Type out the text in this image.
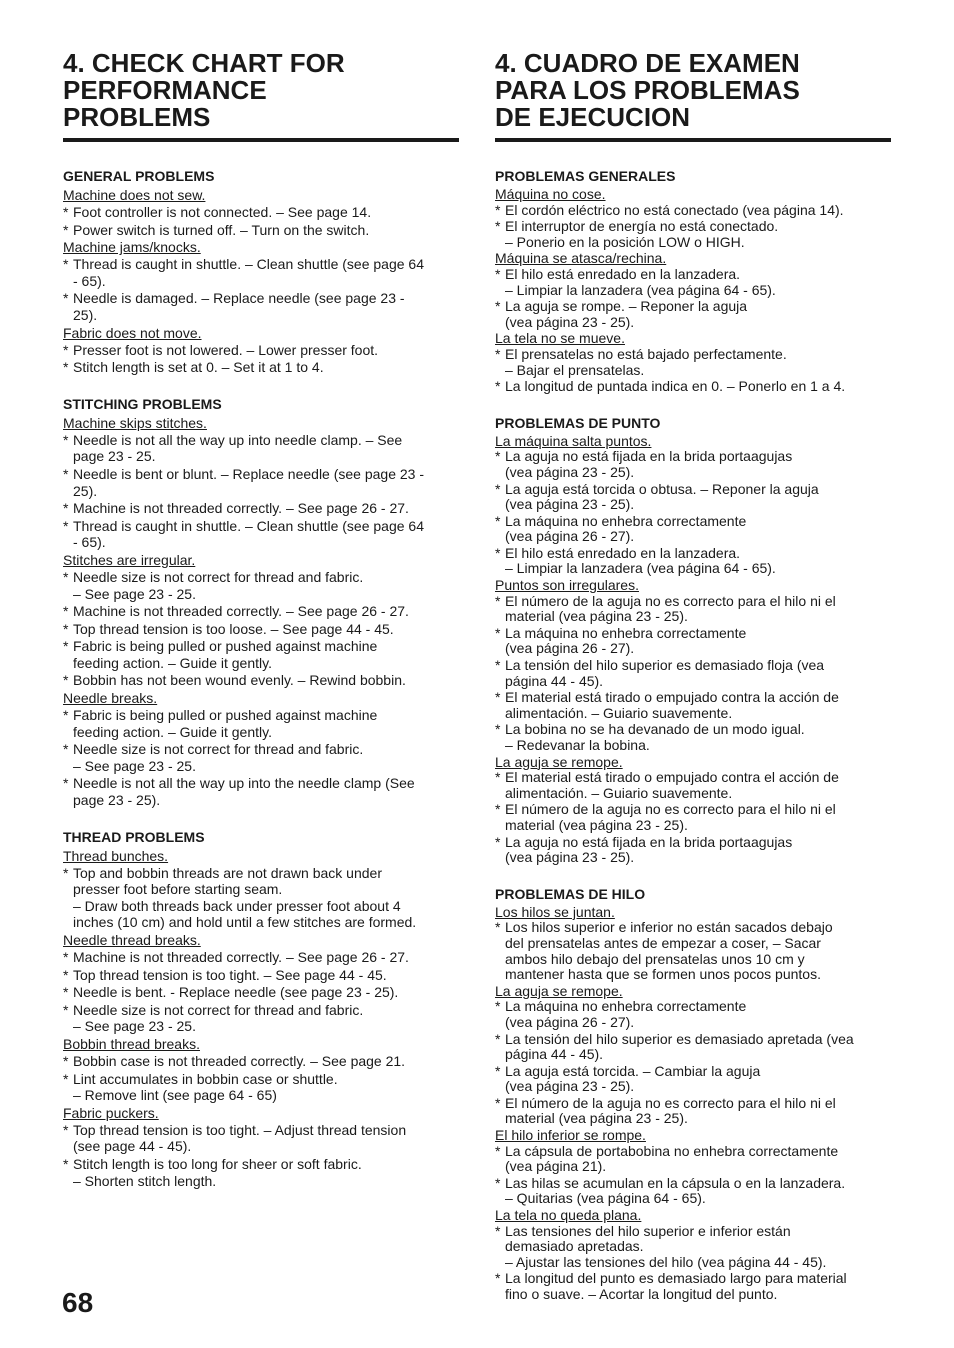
4. CHECK CHART FOR
PERFORMANCE
PROBLEMS
GENERAL PROBLEMS
Machine does not sew.
* Foot controller is not connected. – See page 14.
* Power switch is turned off. – Turn on the switch.
Machine jams/knocks.
* Thread is caught in shuttle. – Clean shuttle (see page 64
- 65).
* Needle is damaged. – Replace needle (see page 23 -
25).
Fabric does not move.
* Presser foot is not lowered. – Lower presser foot.
* Stitch length is set at 0. – Set it at 1 to 4.
STITCHING PROBLEMS
Machine skips stitches.
* Needle is not all the way up into needle clamp. – See
page 23 - 25.
* Needle is bent or blunt. – Replace needle (see page 23 -
25).
* Machine is not threaded correctly. – See page 26 - 27.
* Thread is caught in shuttle. – Clean shuttle (see page 64
- 65).
Stitches are irregular.
* Needle size is not correct for thread and fabric.
– See page 23 - 25.
* Machine is not threaded correctly. – See page 26 - 27.
* Top thread tension is too loose. – See page 44 - 45.
* Fabric is being pulled or pushed against machine
feeding action. – Guide it gently.
* Bobbin has not been wound evenly. – Rewind bobbin.
Needle breaks.
* Fabric is being pulled or pushed against machine
feeding action. – Guide it gently.
* Needle size is not correct for thread and fabric.
– See page 23 - 25.
* Needle is not all the way up into the needle clamp (See
page 23 - 25).
THREAD PROBLEMS
Thread bunches.
* Top and bobbin threads are not drawn back under
presser foot before starting seam.
– Draw both threads back under presser foot about 4
inches (10 cm) and hold until a few stitches are formed.
Needle thread breaks.
* Machine is not threaded correctly. – See page 26 - 27.
* Top thread tension is too tight. – See page 44 - 45.
* Needle is bent. - Replace needle (see page 23 - 25).
* Needle size is not correct for thread and fabric.
– See page 23 - 25.
Bobbin thread breaks.
* Bobbin case is not threaded correctly. – See page 21.
* Lint accumulates in bobbin case or shuttle.
– Remove lint (see page 64 - 65)
Fabric puckers.
* Top thread tension is too tight. – Adjust thread tension
(see page 44 - 45).
* Stitch length is too long for sheer or soft fabric.
– Shorten stitch length.
4. CUADRO DE EXAMEN
PARA LOS PROBLEMAS
DE EJECUCION
PROBLEMAS GENERALES
Máquina no cose.
* El cordón eléctrico no está conectado (vea página 14).
* El interruptor de energía no está conectado.
– Ponerio en la posición LOW o HIGH.
Máquina se atasca/rechina.
* El hilo está enredado en la lanzadera.
– Limpiar la lanzadera (vea página 64 - 65).
* La aguja se rompe. – Reponer la aguja
(vea página 23 - 25).
La tela no se mueve.
* El prensatelas no está bajado perfectamente.
– Bajar el prensatelas.
* La longitud de puntada indica en 0. – Ponerlo en 1 a 4.
PROBLEMAS DE PUNTO
La máquina salta puntos.
* La aguja no está fijada en la brida portaagujas
(vea página 23 - 25).
* La aguja está torcida o obtusa. – Reponer la aguja
(vea página 23 - 25).
* La máquina no enhebra correctamente
(vea página 26 - 27).
* El hilo está enredado en la lanzadera.
– Limpiar la lanzadera (vea página 64 - 65).
Puntos son irregulares.
* El número de la aguja no es correcto para el hilo ni el
material (vea página 23 - 25).
* La máquina no enhebra correctamente
(vea página 26 - 27).
* La tensión del hilo superior es demasiado floja (vea
página 44 - 45).
* El material está tirado o empujado contra la acción de
alimentación. – Guiario suavemente.
* La bobina no se ha devanado de un modo igual.
– Redevanar la bobina.
La aguja se remope.
* El material está tirado o empujado contra el acción de
alimentación. – Guiario suavemente.
* El número de la aguja no es correcto para el hilo ni el
material (vea página 23 - 25).
* La aguja no está fijada en la brida portaagujas
(vea página 23 - 25).
PROBLEMAS DE HILO
Los hilos se juntan.
* Los hilos superior e inferior no están sacados debajo
del prensatelas antes de empezar a coser, – Sacar
ambos hilo debajo del prensatelas unos 10 cm y
mantener hasta que se formen unos pocos puntos.
La aguja se remope.
* La máquina no enhebra correctamente
(vea página 26 - 27).
* La tensión del hilo superior es demasiado apretada (vea
página 44 - 45).
* La aguja está torcida. – Cambiar la aguja
(vea página 23 - 25).
* El número de la aguja no es correcto para el hilo ni el
material (vea página 23 - 25).
El hilo inferior se rompe.
* La cápsula de portabobina no enhebra correctamente
(vea página 21).
* Las hilas se acumulan en la cápsula o en la lanzadera.
– Quitarias (vea página 64 - 65).
La tela no queda plana.
* Las tensiones del hilo superior e inferior están
demasiado apretadas.
– Ajustar las tensiones del hilo (vea página 44 - 45).
* La longitud del punto es demasiado largo para material
fino o suave. – Acortar la longitud del punto.
68
